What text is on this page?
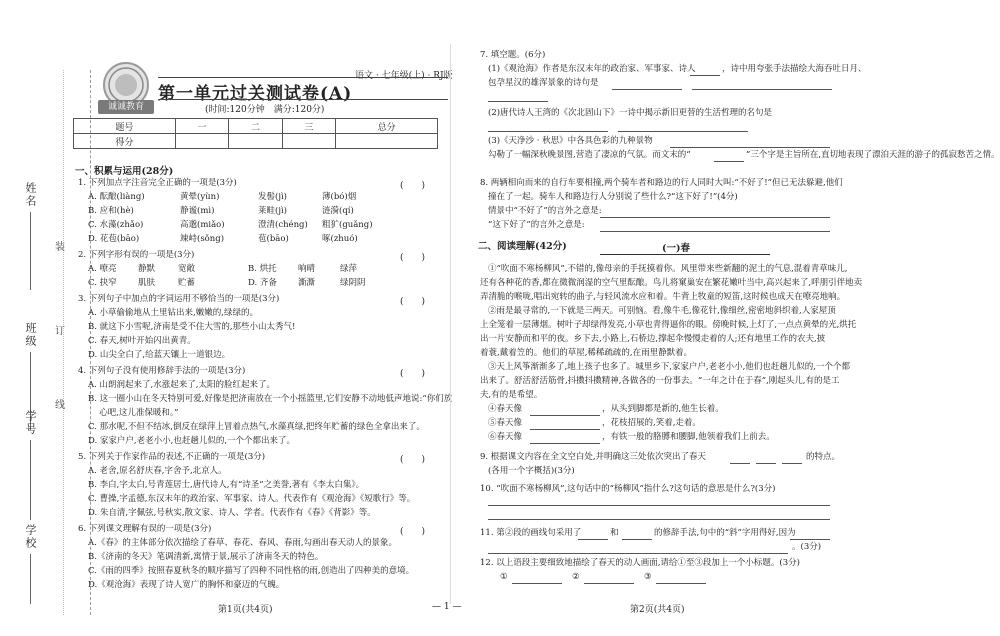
姓名
班级
学号
学校
装
订
线
诚诚教育
语文 · 七年级(上) · RJ版
第一单元过关测试卷(A)
(时间:120分钟　满分:120分)
题号	一	二	三	总分
得分				
一、积累与运用(28分)
1. 下列加点字注音完全正确的一项是(3分)	(　　)
A. 酝酿(liàng)	黄晕(yùn)	发髻(jì)	薄(bó)烟
B. 应和(hè)	静谧(mì)	莱畦(jì)	涟漪(qí)
C. 水藻(zhǎo)	高邈(miǎo)	澄清(chéng) 粗犷(guǎng)
D. 花苞(bāo)	竦峙(sǒng)	苞(bāo)	啄(zhuó)
2. 下列字形有误的一项是(3分)	(　　)
A. 嘹亮	静默	宽敞	B. 烘托	响晴	绿萍
C. 抉窄	肌肤	贮蓄	D. 齐备 澌澌	绿阴阴
3. 下列句子中加点的字词运用不够恰当的一项是(3分)	(　　)
A. 小草偷偷地从土里钻出来,嫩嫩的,绿绿的。
B. 就这下小雪呢,济南是受不住大雪的,那些小山太秀气!
C. 春天,树叶开始闪出黄青。
D. 山尖全白了,给蓝天镶上一道银边。
4. 下列句子没有使用修辞手法的一项是(3分)	(　　)
A. 山朗润起来了,水涨起来了,太阳的脸红起来了。
B. 这一圈小山在冬天特别可爱,好像是把济南放在一个小摇篮里,它们安静不动地低声地说:“你们放
　 心吧,这儿准保暖和。”
C. 那水呢,不但不结冰,倒反在绿萍上冒着点热气,水藻真绿,把终年贮蓄的绿色全拿出来了。
D. 家家户户,老老小小,也赶趟儿似的,一个个都出来了。
5. 下列关于作家作品的表述,不正确的一项是(3分)	(　　)
A. 老舍,原名舒庆春,字舍予,北京人。
B. 李白,字太白,号青莲居士,唐代诗人,有“诗圣”之美誉,著有《李太白集》。
C. 曹操,字孟德,东汉末年的政治家、军事家、诗人。代表作有《观沧海》《短歌行》等。
D. 朱自清,字佩弦,号秋实,散文家、诗人、学者。代表作有《春》《背影》等。
6. 下列课文理解有误的一项是(3分)	(　　)
A.《春》的主体部分依次描绘了春草、春花、春风、春雨,勾画出春天动人的景象。
B.《济南的冬天》笔调清新,寓情于景,展示了济南冬天的特色。
C.《雨的四季》按照春夏秋冬的顺序描写了四种不同性格的雨,创造出了四种美的意境。
D.《观沧海》表现了诗人宽广的胸怀和豪迈的气魄。
7. 填空题。(6分)
(1)《观沧海》作者是东汉末年的政治家、军事家、诗人	，诗中用夸张手法描绘大海吞吐日月、
包孕星汉的雄浑景象的诗句是
(2)唐代诗人王湾的《次北固山下》一诗中揭示新旧更替的生活哲理的名句是
(3)《天净沙 · 秋思》中各具色彩的九种景物
勾勒了一幅深秋晚景图,营造了凄凉的气氛。而文末的“	”三个字是主旨所在,直切地表现了漂泊天涯的游子的孤寂愁苦之情。
8. 两辆相向而来的自行车要相撞,两个骑车者和路边的行人同时大叫:“不好了!”但已无法躲避,他们
撞在了一起。骑车人和路边行人分别说了些什么?“这下好了!”(4分)
情景中“不好了”的言外之意是:
“这下好了”的言外之意是:
二、阅读理解(42分)	(一)春
①“吹面不寒杨柳风”,不错的,像母亲的手抚摸着你。风里带来些新翻的泥土的气息,混着青草味儿,
还有各种花的香,都在微微润湿的空气里酝酿。鸟儿将窠巢安在繁花嫩叶当中,高兴起来了,呼朋引伴地卖
弄清脆的喉咙,唱出宛转的曲子,与轻风流水应和着。牛背上牧童的短笛,这时候也成天在嘹亮地响。
②雨是最寻常的,一下就是三两天。可别恼。看,像牛毛,像花针,像细丝,密密地斜织着,人家屋顶
上全笼着一层薄烟。树叶子却绿得发亮,小草也青得逼你的眼。傍晚时候,上灯了,一点点黄晕的光,烘托
出一片安静而和平的夜。乡下去,小路上,石桥边,撑起伞慢慢走着的人;还有地里工作的农夫,披
着蓑,戴着笠的。他们的草屋,稀稀疏疏的,在雨里静默着。
③天上风筝渐渐多了,地上孩子也多了。城里乡下,家家户户,老老小小,他们也赶趟儿似的,一个个都
出来了。舒活舒活筋骨,抖擞抖擞精神,各做各的一份事去。“一年之计在于春”,刚起头儿,有的是工
夫,有的是希望。
④春天像	，从头到脚都是新的,他生长着。
⑤春天像	，花枝招展的,笑着,走着。
⑥春天像	，有铁一般的胳膊和腰脚,他领着我们上前去。
9. 根据课文内容在全文空白处,并明确这三处依次突出了春天	的特点。
(各用一个字概括)(3分)
10. “吹面不寒杨柳风”,这句话中的“杨柳风”指什么?这句话的意思是什么?(3分)
11. 第②段的画线句采用了	和	的修辞手法,句中的“斜”字用得好,因为
。(3分)
12. 以上语段主要细致地描绘了春天的动人画面,请给①至③段加上一个小标题。(3分)
①	②	③
第1页(共4页)	— 1 —	第2页(共4页)
